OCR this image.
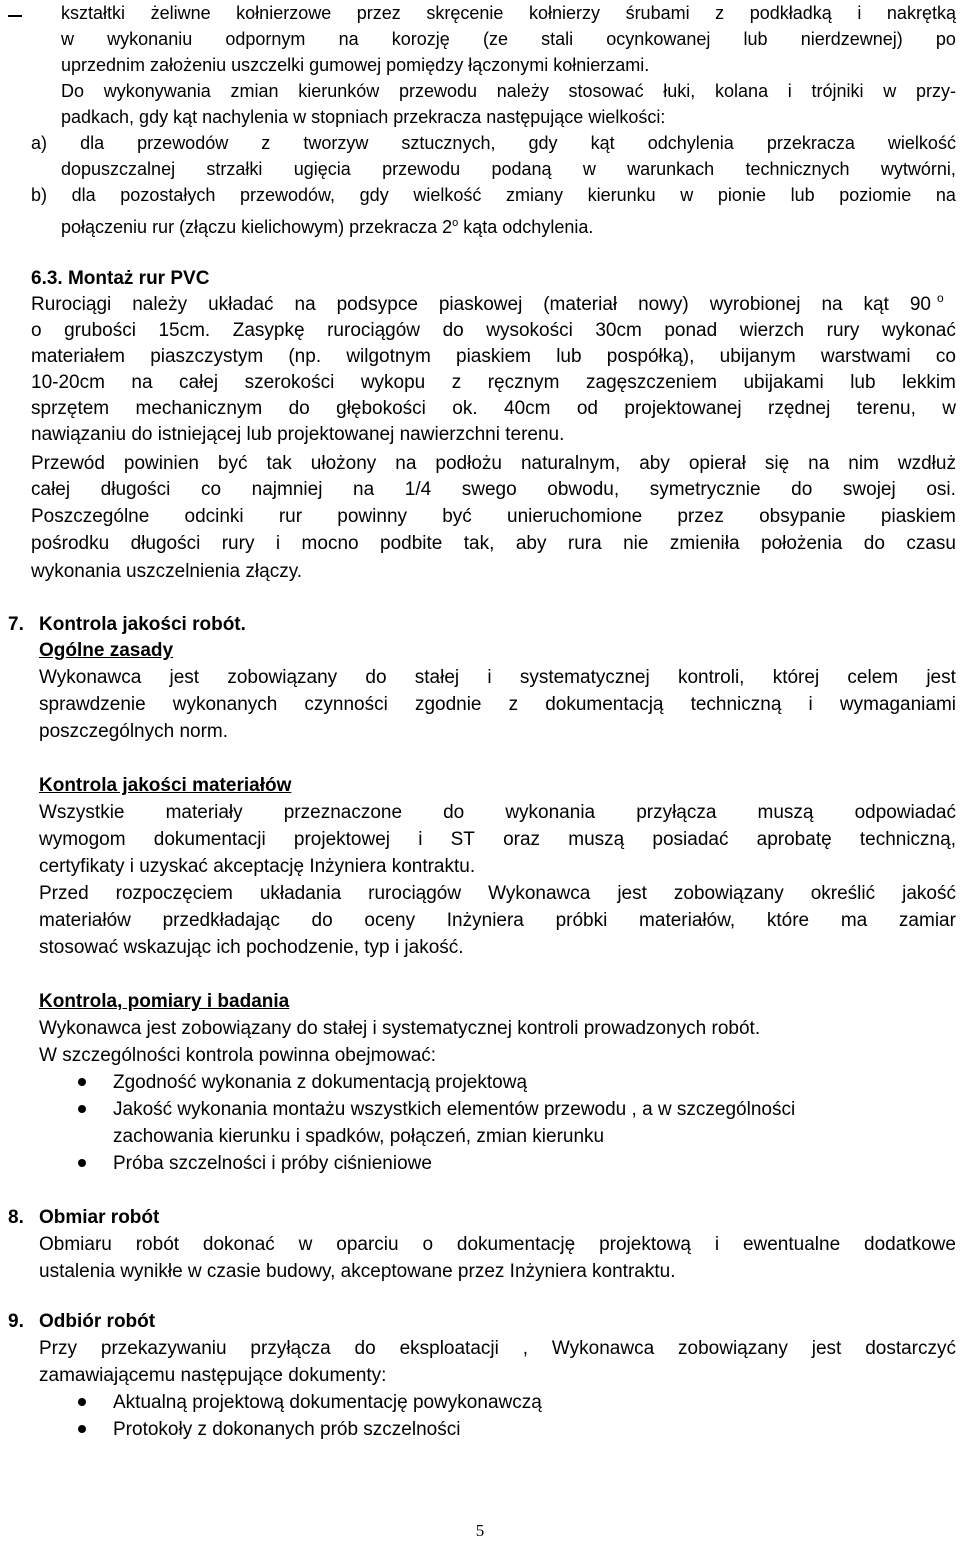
kształtki żeliwne kołnierzowe przez skręcenie kołnierzy śrubami z podkładką i nakrętką
w wykonaniu odpornym na korozję (ze stali ocynkowanej lub nierdzewnej) po
uprzednim założeniu uszczelki gumowej pomiędzy łączonymi kołnierzami.
Do wykonywania zmian kierunków przewodu należy stosować łuki, kolana i trójniki w przy-
padkach, gdy kąt nachylenia w stopniach przekracza następujące wielkości:
a) dla przewodów z tworzyw sztucznych, gdy kąt odchylenia przekracza wielkość
dopuszczalnej strzałki ugięcia przewodu podaną w warunkach technicznych wytwórni,
b) dla pozostałych przewodów, gdy wielkość zmiany kierunku w pionie lub poziomie na
połączeniu rur (złączu kielichowym) przekracza 2$^o$ kąta odchylenia.
6.3. Montaż rur PVC
Rurociągi należy układać na podsypce piaskowej (materiał nowy) wyrobionej na kąt 90 o
o grubości 15cm. Zasypkę rurociągów do wysokości 30cm ponad wierzch rury wykonać
materiałem piaszczystym (np. wilgotnym piaskiem lub pospółką), ubijanym warstwami co
10-20cm na całej szerokości wykopu z ręcznym zagęszczeniem ubijakami lub lekkim
sprzętem mechanicznym do głębokości ok. 40cm od projektowanej rzędnej terenu, w
nawiązaniu do istniejącej lub projektowanej nawierzchni terenu.
Przewód powinien być tak ułożony na podłożu naturalnym, aby opierał się na nim wzdłuż
całej długości co najmniej na 1/4 swego obwodu, symetrycznie do swojej osi.
Poszczególne odcinki rur powinny być unieruchomione przez obsypanie piaskiem
pośrodku długości rury i mocno podbite tak, aby rura nie zmieniła położenia do czasu
wykonania uszczelnienia złączy.
7. Kontrola jakości robót.
Ogólne zasady
Wykonawca jest zobowiązany do stałej i systematycznej kontroli, której celem jest
sprawdzenie wykonanych czynności zgodnie z dokumentacją techniczną i wymaganiami
poszczególnych norm.
Kontrola jakości materiałów
Wszystkie materiały przeznaczone do wykonania przyłącza muszą odpowiadać
wymogom dokumentacji projektowej i ST oraz muszą posiadać aprobatę techniczną,
certyfikaty i uzyskać akceptację Inżyniera kontraktu.
Przed rozpoczęciem układania rurociągów Wykonawca jest zobowiązany określić jakość
materiałów przedkładając do oceny Inżyniera próbki materiałów, które ma zamiar
stosować wskazując ich pochodzenie, typ i jakość.
Kontrola, pomiary i badania
Wykonawca jest zobowiązany do stałej i systematycznej kontroli prowadzonych robót.
W szczególności kontrola powinna obejmować:
Zgodność wykonania z dokumentacją projektową
Jakość wykonania montażu wszystkich elementów przewodu , a w szczególności
zachowania kierunku i spadków, połączeń, zmian kierunku
Próba szczelności i próby ciśnieniowe
8. Obmiar robót
Obmiaru robót dokonać w oparciu o dokumentację projektową i ewentualne dodatkowe
ustalenia wynikłe w czasie budowy, akceptowane przez Inżyniera kontraktu.
9. Odbiór robót
Przy przekazywaniu przyłącza do eksploatacji , Wykonawca zobowiązany jest dostarczyć
zamawiającemu następujące dokumenty:
Aktualną projektową dokumentację powykonawczą
Protokoły z dokonanych prób szczelności
5
